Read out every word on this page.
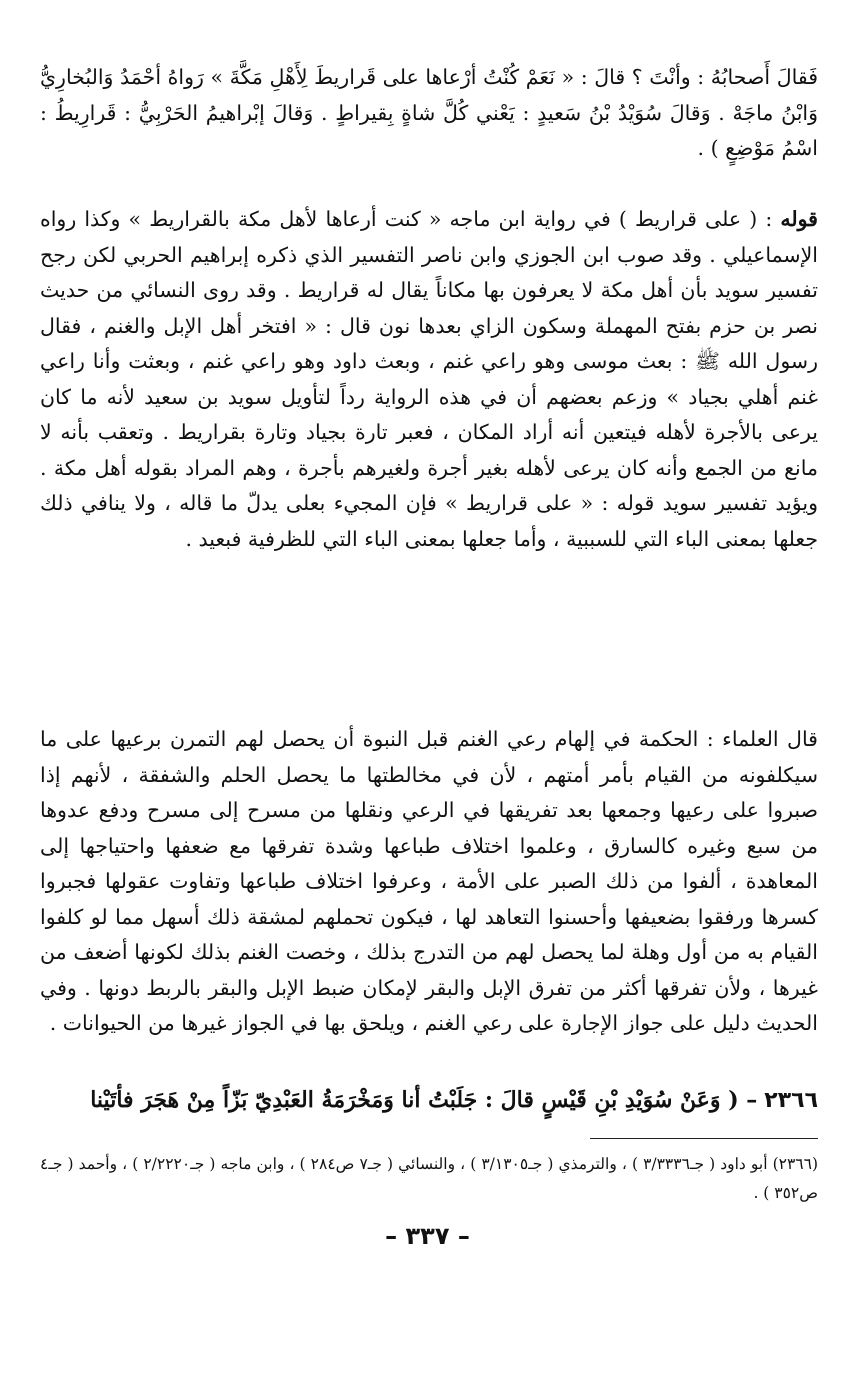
فَقالَ أَصحابُهُ : وأنْتَ ؟ قالَ : « نَعَمْ كُنْتُ أرْعاها على قَراريطَ لِأَهْلِ مَكَّةَ » رَواهُ أحْمَدُ وَالبُخارِيُّ وَابْنُ ماجَهْ . وَقالَ سُوَيْدُ بْنُ سَعيدٍ : يَعْني كُلَّ شاةٍ بِقيراطٍ . وَقالَ إبْراهيمُ الحَرْبِيُّ : قَرارِيطُ : اسْمُ مَوْضِعٍ ) .

قوله : ( على قراريط ) في رواية ابن ماجه « كنت أرعاها لأهل مكة بالقراريط » وكذا رواه الإسماعيلي . وقد صوب ابن الجوزي وابن ناصر التفسير الذي ذكره إبراهيم الحربي لكن رجح تفسير سويد بأن أهل مكة لا يعرفون بها مكاناً يقال له قراريط . وقد روى النسائي من حديث نصر بن حزم بفتح المهملة وسكون الزاي بعدها نون قال : « افتخر أهل الإبل والغنم ، فقال رسول الله ﷺ : بعث موسى وهو راعي غنم ، وبعث داود وهو راعي غنم ، وبعثت وأنا راعي غنم أهلي بجياد » وزعم بعضهم أن في هذه الرواية رداً لتأويل سويد بن سعيد لأنه ما كان يرعى بالأجرة لأهله فيتعين أنه أراد المكان ، فعبر تارة بجياد وتارة بقراريط . وتعقب بأنه لا مانع من الجمع وأنه كان يرعى لأهله بغير أجرة ولغيرهم بأجرة ، وهم المراد بقوله أهل مكة . ويؤيد تفسير سويد قوله : « على قراريط » فإن المجيء بعلى يدلّ ما قاله ، ولا ينافي ذلك جعلها بمعنى الباء التي للسببية ، وأما جعلها بمعنى الباء التي للظرفية فبعيد .

قال العلماء : الحكمة في إلهام رعي الغنم قبل النبوة أن يحصل لهم التمرن برعيها على ما سيكلفونه من القيام بأمر أمتهم ، لأن في مخالطتها ما يحصل الحلم والشفقة ، لأنهم إذا صبروا على رعيها وجمعها بعد تفريقها في الرعي ونقلها من مسرح إلى مسرح ودفع عدوها من سبع وغيره كالسارق ، وعلموا اختلاف طباعها وشدة تفرقها مع ضعفها واحتياجها إلى المعاهدة ، ألفوا من ذلك الصبر على الأمة ، وعرفوا اختلاف طباعها وتفاوت عقولها فجبروا كسرها ورفقوا بضعيفها وأحسنوا التعاهد لها ، فيكون تحملهم لمشقة ذلك أسهل مما لو كلفوا القيام به من أول وهلة لما يحصل لهم من التدرج بذلك ، وخصت الغنم بذلك لكونها أضعف من غيرها ، ولأن تفرقها أكثر من تفرق الإبل والبقر لإمكان ضبط الإبل والبقر بالربط دونها . وفي الحديث دليل على جواز الإجارة على رعي الغنم ، ويلحق بها في الجواز غيرها من الحيوانات .

٢٣٦٦ – ( وَعَنْ سُوَيْدِ بْنِ قَيْسٍ قالَ : جَلَبْتُ أنا وَمَخْرَمَةُ العَبْدِيّ بَزّاً مِنْ هَجَرَ فأتَيْنا

(٢٣٦٦) أبو داود ( جـ٣/٣٣٣٦ ) ، والترمذي ( جـ٣/١٣٠٥ ) ، والنسائي ( جـ٧ ص٢٨٤ ) ، وابن ماجه ( جـ٢/٢٢٢٠ ) ، وأحمد ( جـ٤ ص٣٥٢ ) .
– ٣٣٧ –
